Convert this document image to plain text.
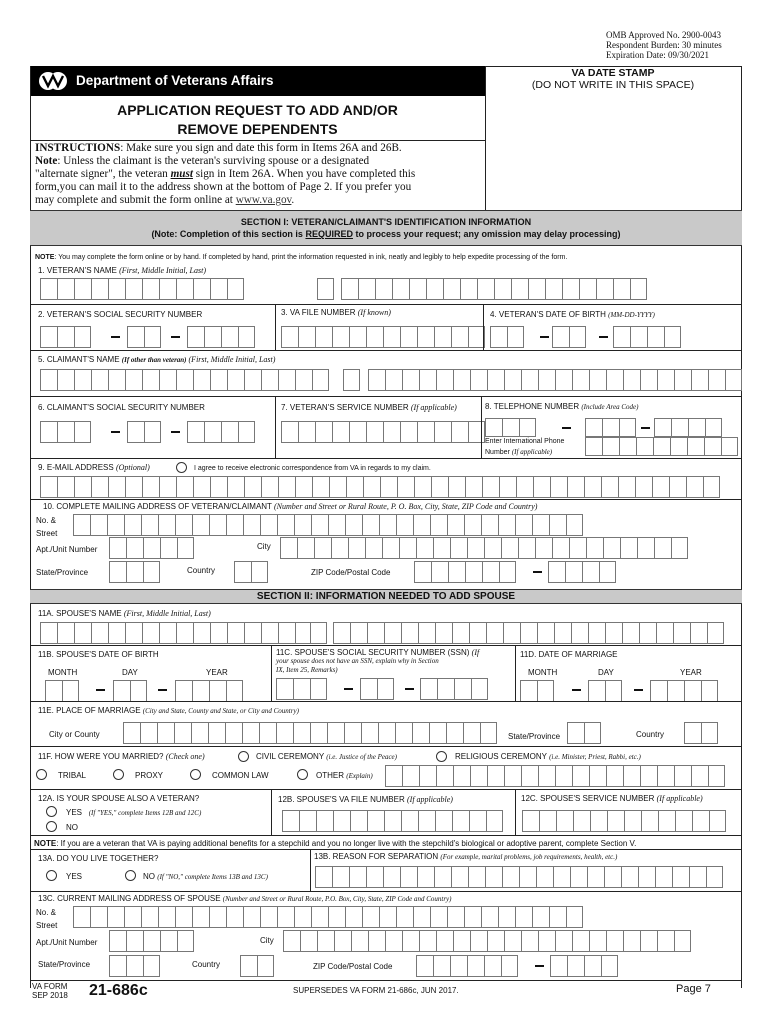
OMB Approved No. 2900-0043
Respondent Burden: 30 minutes
Expiration Date: 09/30/2021
Department of Veterans Affairs	VA DATE STAMP
(DO NOT WRITE IN THIS SPACE)
APPLICATION REQUEST TO ADD AND/OR
REMOVE DEPENDENTS
INSTRUCTIONS: Make sure you sign and date this form in Items 26A and 26B.
Note: Unless the claimant is the veteran's surviving spouse or a designated
"alternate signer", the veteran must sign in Item 26A. When you have completed this
form,you can mail it to the address shown at the bottom of Page 2. If you prefer you
may complete and submit the form online at www.va.gov.
SECTION I: VETERAN/CLAIMANT'S IDENTIFICATION INFORMATION
(Note: Completion of this section is REQUIRED to process your request; any omission may delay processing)
NOTE: You may complete the form online or by hand. If completed by hand, print the information requested in ink, neatly and legibly to help expedite processing of the form.
1. VETERAN'S NAME (First, Middle Initial, Last)
2. VETERAN'S SOCIAL SECURITY NUMBER	3. VA FILE NUMBER (If known)	4. VETERAN'S DATE OF BIRTH (MM-DD-YYYY)
5. CLAIMANT'S NAME (If other than veteran) (First, Middle Initial, Last)
6. CLAIMANT'S SOCIAL SECURITY NUMBER	7. VETERAN'S SERVICE NUMBER (If applicable)	8. TELEPHONE NUMBER (Include Area Code)
Enter International Phone
Number (If applicable)
9. E-MAIL ADDRESS (Optional)	I agree to receive electronic correspondence from VA in regards to my claim.
10. COMPLETE MAILING ADDRESS OF VETERAN/CLAIMANT (Number and Street or Rural Route, P. O. Box, City, State, ZIP Code and Country)
No. &
Street
Apt./Unit Number	City
State/Province	Country	ZIP Code/Postal Code
SECTION II: INFORMATION NEEDED TO ADD SPOUSE
11A. SPOUSE'S NAME (First, Middle Initial, Last)
11B. SPOUSE'S DATE OF BIRTH
MONTH	DAY	YEAR
11C. SPOUSE'S SOCIAL SECURITY NUMBER (SSN) (If
your spouse does not have an SSN, explain why in Section
IX, Item 25, Remarks)
11D. DATE OF MARRIAGE
MONTH	DAY	YEAR
11E. PLACE OF MARRIAGE (City and State, County and State, or City and Country)
City or County	State/Province	Country
11F. HOW WERE YOU MARRIED? (Check one)	CIVIL CEREMONY (i.e. Justice of the Peace)	RELIGIOUS CEREMONY (i.e. Minister, Priest, Rabbi, etc.)
TRIBAL	PROXY	COMMON LAW	OTHER (Explain)
12A. IS YOUR SPOUSE ALSO A VETERAN?
YES (If "YES," complete Items 12B and 12C)
NO
12B. SPOUSE'S VA FILE NUMBER (If applicable)	12C. SPOUSE'S SERVICE NUMBER (If applicable)
NOTE: If you are a veteran that VA is paying additional benefits for a stepchild and you no longer live with the stepchild's biological or adoptive parent, complete Section V.
13A. DO YOU LIVE TOGETHER?
YES	NO (If "NO," complete Items 13B and 13C)
13B. REASON FOR SEPARATION (For example, marital problems, job requirements, health, etc.)
13C. CURRENT MAILING ADDRESS OF SPOUSE (Number and Street or Rural Route, P.O. Box, City, State, ZIP Code and Country)
No. &
Street
Apt./Unit Number	City
State/Province	Country	ZIP Code/Postal Code
VA FORM
SEP 2018 21-686c	SUPERSEDES VA FORM 21-686c, JUN 2017.	Page 7
